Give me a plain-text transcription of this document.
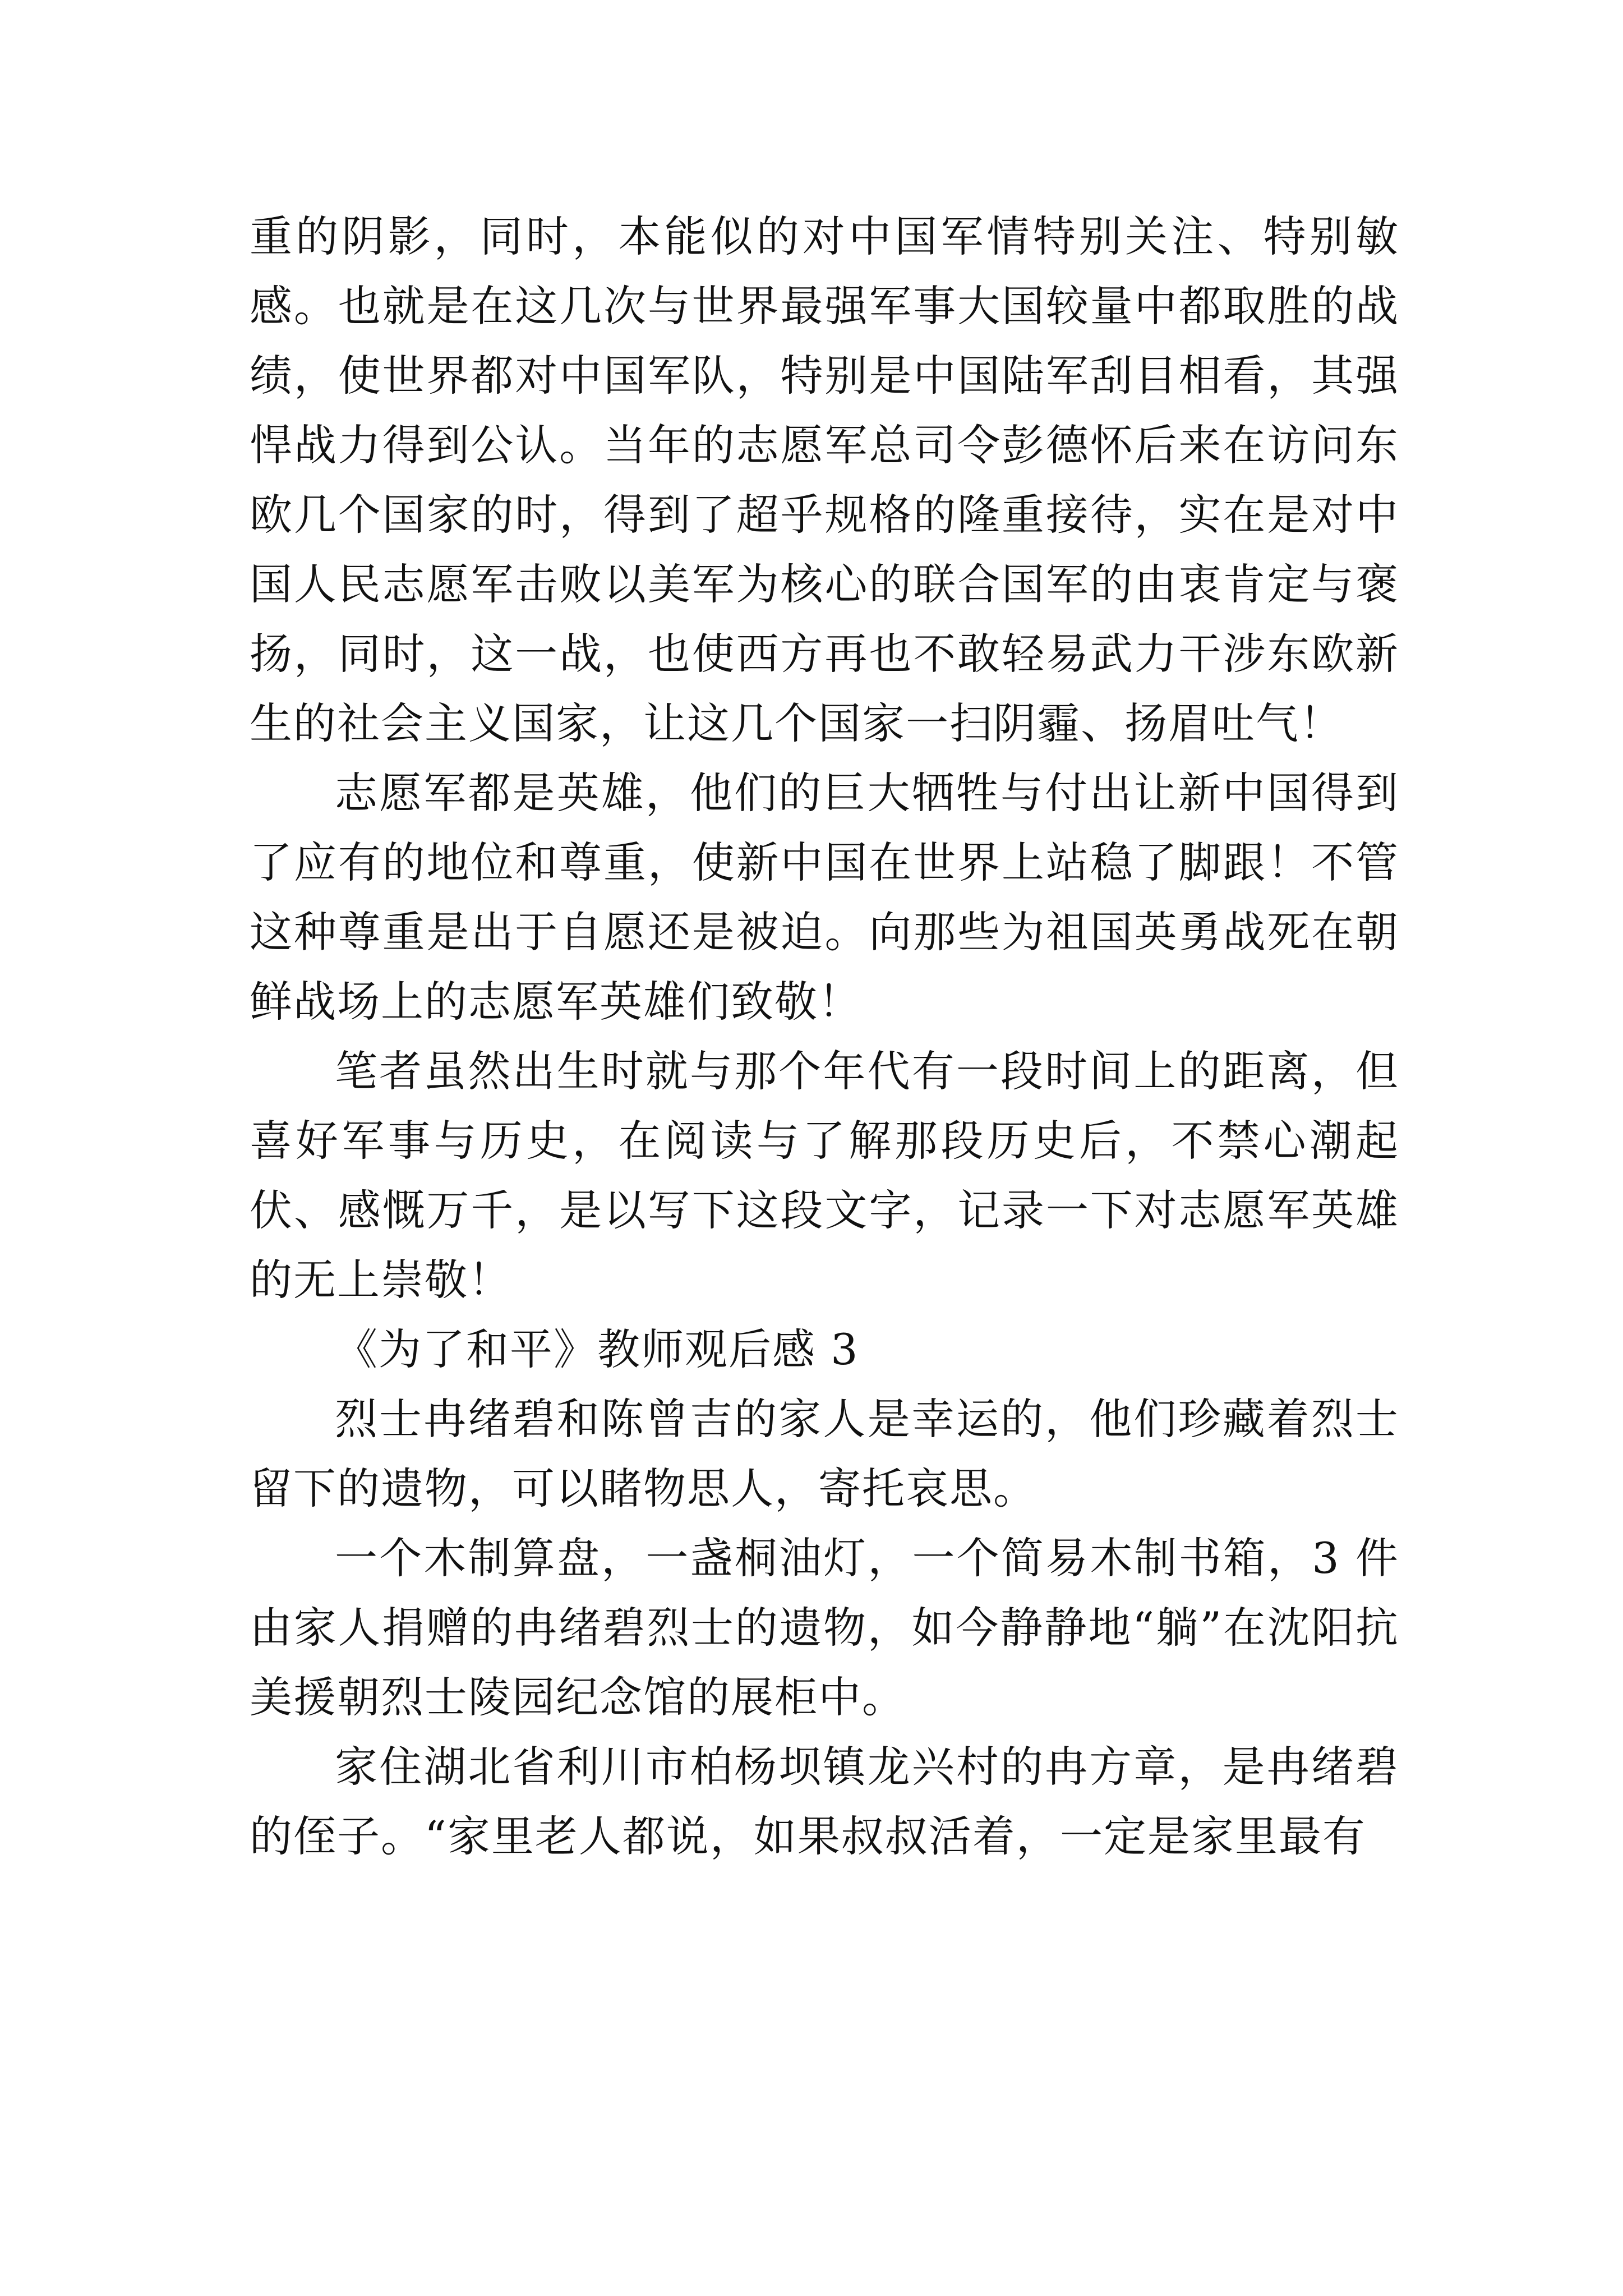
重的阴影，同时，本能似的对中国军情特别关注、特别敏感。也就是在这几次与世界最强军事大国较量中都取胜的战绩，使世界都对中国军队，特别是中国陆军刮目相看，其强悍战力得到公认。当年的志愿军总司令彭德怀后来在访问东欧几个国家的时，得到了超乎规格的隆重接待，实在是对中国人民志愿军击败以美军为核心的联合国军的由衷肯定与褒扬，同时，这一战，也使西方再也不敢轻易武力干涉东欧新生的社会主义国家，让这几个国家一扫阴霾、扬眉吐气！

志愿军都是英雄，他们的巨大牺牲与付出让新中国得到了应有的地位和尊重，使新中国在世界上站稳了脚跟！不管这种尊重是出于自愿还是被迫。向那些为祖国英勇战死在朝鲜战场上的志愿军英雄们致敬！

笔者虽然出生时就与那个年代有一段时间上的距离，但喜好军事与历史，在阅读与了解那段历史后，不禁心潮起伏、感慨万千，是以写下这段文字，记录一下对志愿军英雄的无上崇敬！

《为了和平》教师观后感 3

烈士冉绪碧和陈曾吉的家人是幸运的，他们珍藏着烈士留下的遗物，可以睹物思人，寄托哀思。

一个木制算盘，一盏桐油灯，一个简易木制书箱，3 件由家人捐赠的冉绪碧烈士的遗物，如今静静地“躺”在沈阳抗美援朝烈士陵园纪念馆的展柜中。

家住湖北省利川市柏杨坝镇龙兴村的冉方章，是冉绪碧的侄子。“家里老人都说，如果叔叔活着，一定是家里最有
